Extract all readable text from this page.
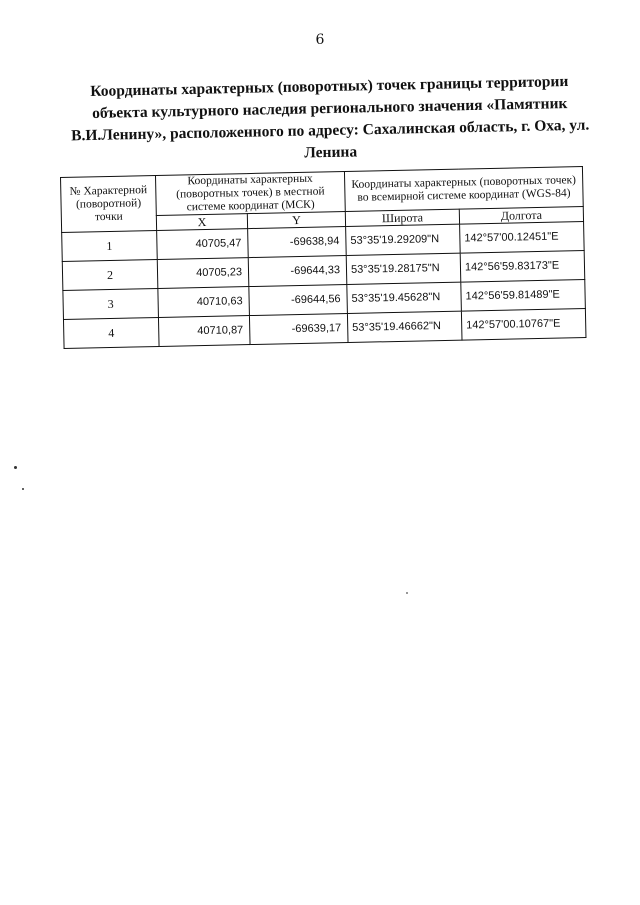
6
Координаты характерных (поворотных) точек границы территории объекта культурного наследия регионального значения «Памятник В.И.Ленину», расположенного по адресу: Сахалинская область, г. Оха, ул. Ленина
№ Характерной (поворотной) точки	Координаты характерных (поворотных точек) в местной системе координат (МСК)		Координаты характерных (поворотных точек) во всемирной системе координат (WGS-84)	
	X	Y	Широта	Долгота
1	40705,47	-69638,94	53°35'19.29209"N	142°57'00.12451"E
2	40705,23	-69644,33	53°35'19.28175"N	142°56'59.83173"E
3	40710,63	-69644,56	53°35'19.45628"N	142°56'59.81489"E
4	40710,87	-69639,17	53°35'19.46662"N	142°57'00.10767"E
